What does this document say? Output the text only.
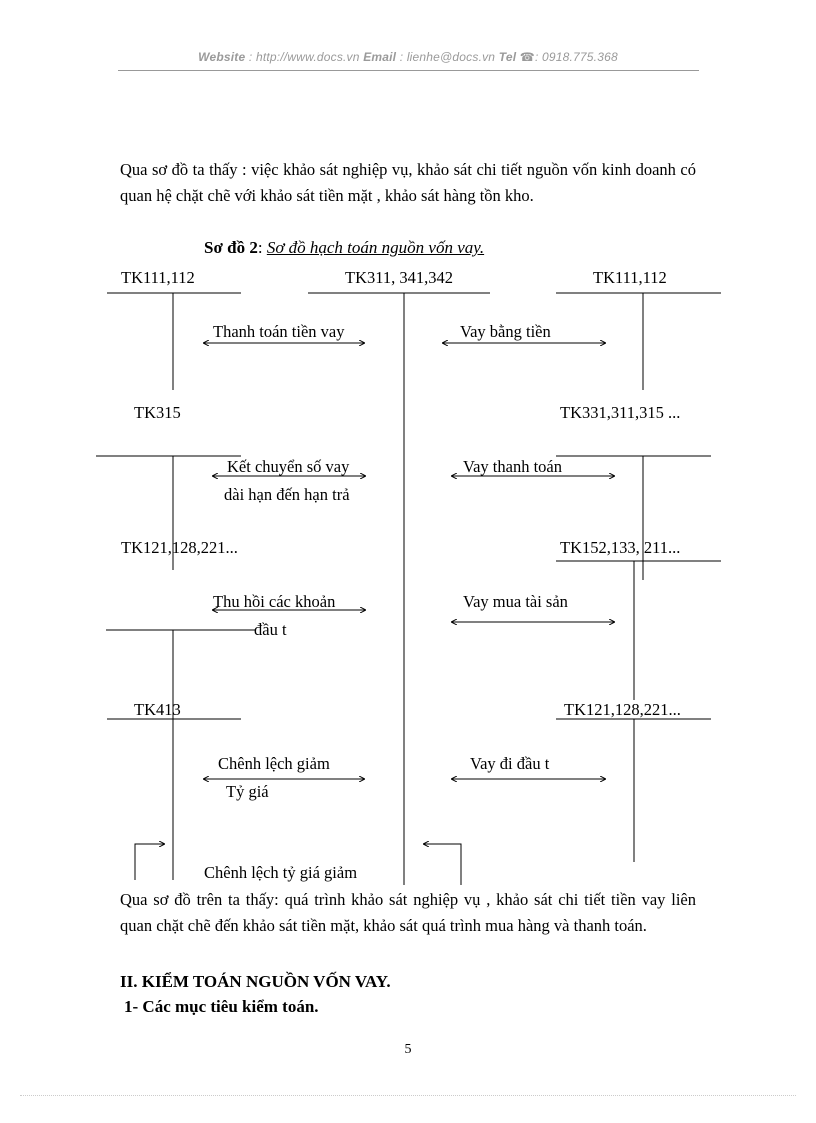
Website : http://www.docs.vn Email : lienhe@docs.vn Tel ☎: 0918.775.368
Qua sơ đồ ta thấy : việc khảo sát nghiệp vụ, khảo sát chi tiết nguồn vốn kinh doanh có quan hệ chặt chẽ với khảo sát tiền mặt , khảo sát hàng tồn kho.
Sơ đồ 2: Sơ đồ hạch toán nguồn vốn vay.
TK111,112	TK311, 341,342	TK111,112
TK315	TK331,311,315 ...
TK121,128,221...	TK152,133, 211...
TK413	TK121,128,221...
Thanh toán tiền vay	Vay bằng tiền
Kết chuyển số vay
dài hạn đến hạn trả
Vay thanh toán
Thu hồi các khoản
đầu t
Vay mua tài sản
Chênh lệch giảm
Tỷ giá
Vay đi đầu t
Chênh lệch tỷ giá giảm
Qua sơ đồ trên ta thấy: quá trình khảo sát nghiệp vụ , khảo sát chi tiết tiền vay liên quan chặt chẽ đến khảo sát tiền mặt, khảo sát quá trình mua hàng và thanh toán.
II. KIỂM TOÁN NGUỒN VỐN VAY.
1- Các mục tiêu kiểm toán.
5
